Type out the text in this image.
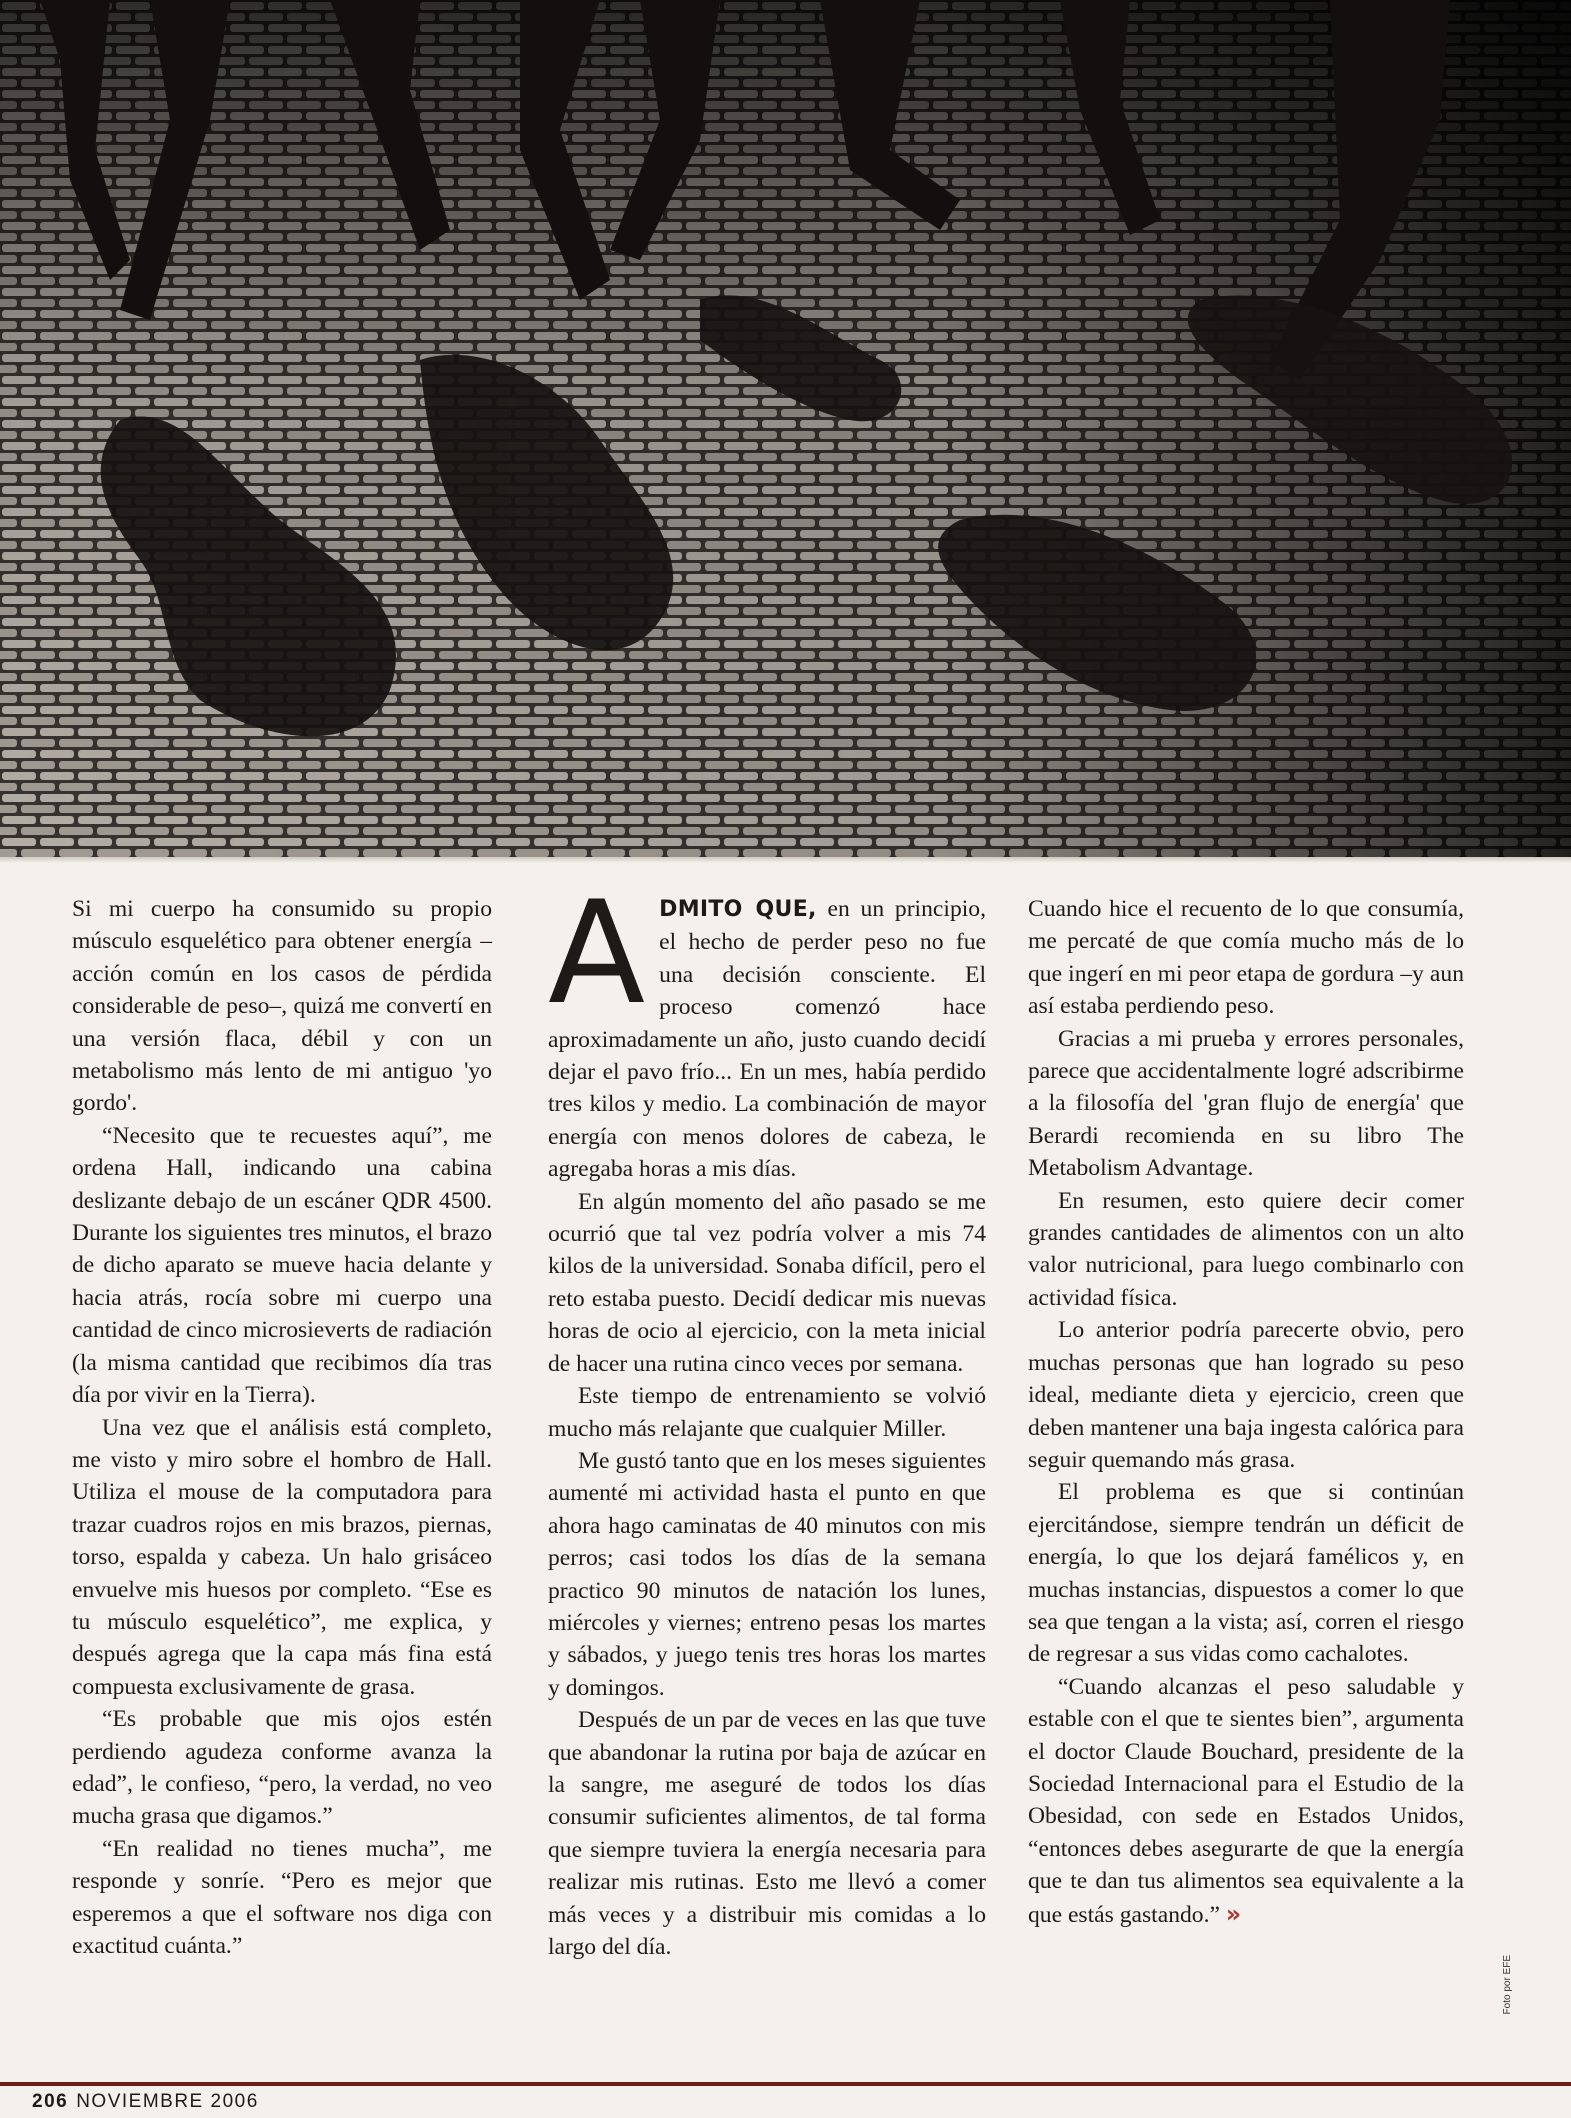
Si mi cuerpo ha consumido su propio músculo esquelético para obtener energía –acción común en los casos de pérdida considerable de peso–, quizá me convertí en una versión flaca, débil y con un metabolismo más lento de mi antiguo 'yo gordo'.

“Necesito que te recuestes aquí”, me ordena Hall, indicando una cabina deslizante debajo de un escáner QDR 4500. Durante los siguientes tres minutos, el brazo de dicho aparato se mueve hacia delante y hacia atrás, rocía sobre mi cuerpo una cantidad de cinco microsieverts de radiación (la misma cantidad que recibimos día tras día por vivir en la Tierra).

Una vez que el análisis está completo, me visto y miro sobre el hombro de Hall. Utiliza el mouse de la computadora para trazar cuadros rojos en mis brazos, piernas, torso, espalda y cabeza. Un halo grisáceo envuelve mis huesos por completo. “Ese es tu músculo esquelético”, me explica, y después agrega que la capa más fina está compuesta exclusivamente de grasa.

“Es probable que mis ojos estén perdiendo agudeza conforme avanza la edad”, le confieso, “pero, la verdad, no veo mucha grasa que digamos.”

“En realidad no tienes mucha”, me responde y sonríe. “Pero es mejor que esperemos a que el software nos diga con exactitud cuánta.”

ADMITO QUE, en un principio, el hecho de perder peso no fue una decisión consciente. El proceso comenzó hace aproximadamente un año, justo cuando decidí dejar el pavo frío... En un mes, había perdido tres kilos y medio. La combinación de mayor energía con menos dolores de cabeza, le agregaba horas a mis días.

En algún momento del año pasado se me ocurrió que tal vez podría volver a mis 74 kilos de la universidad. Sonaba difícil, pero el reto estaba puesto. Decidí dedicar mis nuevas horas de ocio al ejercicio, con la meta inicial de hacer una rutina cinco veces por semana.

Este tiempo de entrenamiento se volvió mucho más relajante que cualquier Miller.

Me gustó tanto que en los meses siguientes aumenté mi actividad hasta el punto en que ahora hago caminatas de 40 minutos con mis perros; casi todos los días de la semana practico 90 minutos de natación los lunes, miércoles y viernes; entreno pesas los martes y sábados, y juego tenis tres horas los martes y domingos.

Después de un par de veces en las que tuve que abandonar la rutina por baja de azúcar en la sangre, me aseguré de todos los días consumir suficientes alimentos, de tal forma que siempre tuviera la energía necesaria para realizar mis rutinas. Esto me llevó a comer más veces y a distribuir mis comidas a lo largo del día.

Cuando hice el recuento de lo que consumía, me percaté de que comía mucho más de lo que ingerí en mi peor etapa de gordura –y aun así estaba perdiendo peso.

Gracias a mi prueba y errores personales, parece que accidentalmente logré adscribirme a la filosofía del 'gran flujo de energía' que Berardi recomienda en su libro The Metabolism Advantage.

En resumen, esto quiere decir comer grandes cantidades de alimentos con un alto valor nutricional, para luego combinarlo con actividad física.

Lo anterior podría parecerte obvio, pero muchas personas que han logrado su peso ideal, mediante dieta y ejercicio, creen que deben mantener una baja ingesta calórica para seguir quemando más grasa.

El problema es que si continúan ejercitándose, siempre tendrán un déficit de energía, lo que los dejará famélicos y, en muchas instancias, dispuestos a comer lo que sea que tengan a la vista; así, corren el riesgo de regresar a sus vidas como cachalotes.

“Cuando alcanzas el peso saludable y estable con el que te sientes bien”, argumenta el doctor Claude Bouchard, presidente de la Sociedad Internacional para el Estudio de la Obesidad, con sede en Estados Unidos, “entonces debes asegurarte de que la energía que te dan tus alimentos sea equivalente a la que estás gastando.” »

Foto por EFE
206 NOVIEMBRE 2006
